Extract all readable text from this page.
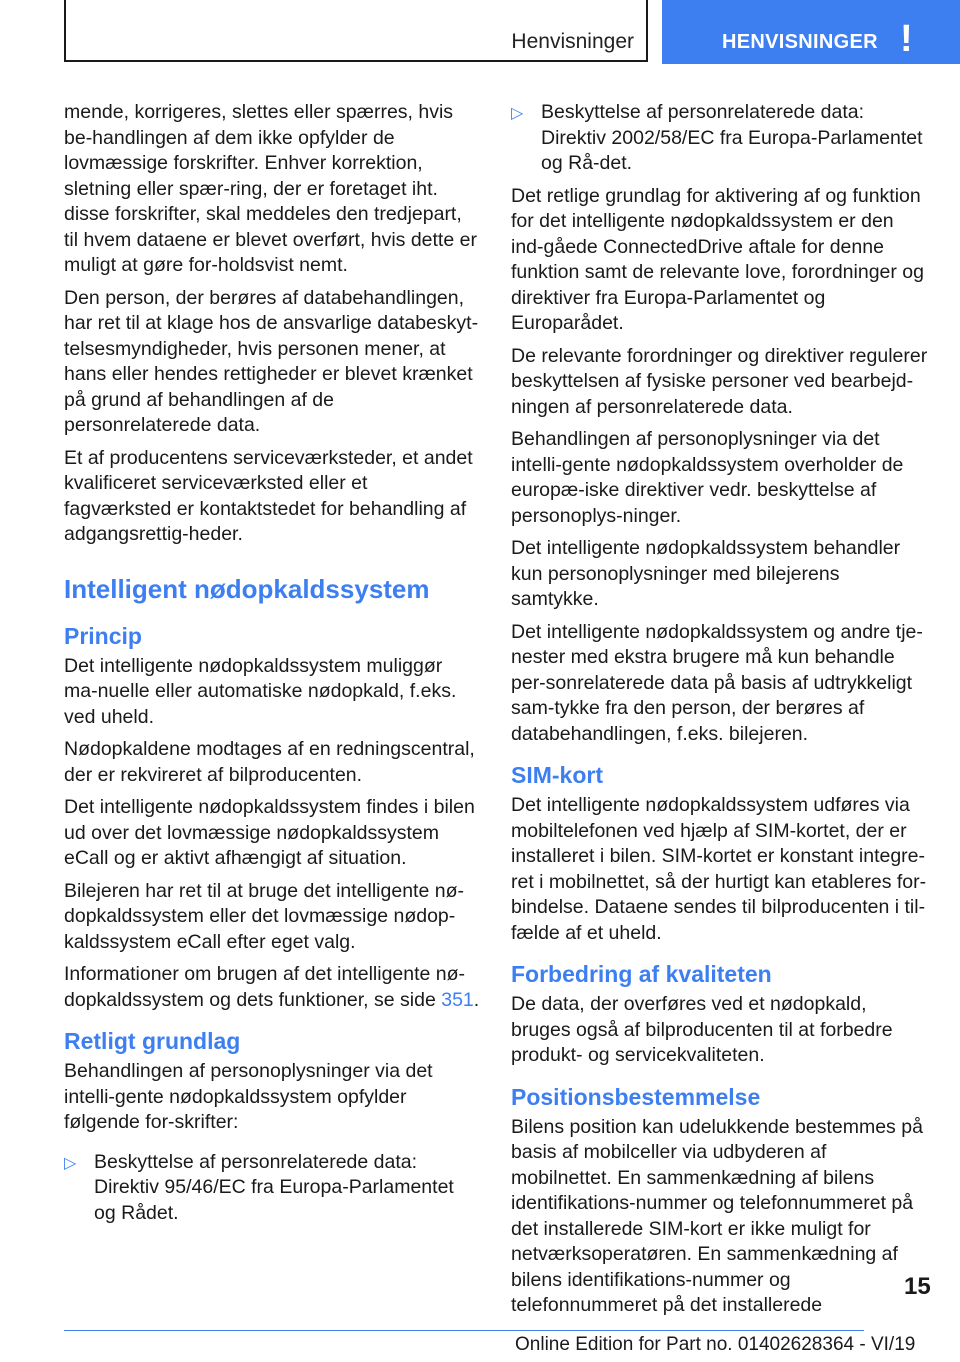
Henvisninger	HENVISNINGER !

mende, korrigeres, slettes eller spærres, hvis be-handlingen af dem ikke opfylder de lovmæssige forskrifter. Enhver korrektion, sletning eller spær-ring, der er foretaget iht. disse forskrifter, skal meddeles den tredjepart, til hvem dataene er blevet overført, hvis dette er muligt at gøre for-holdsvist nemt.

Den person, der berøres af databehandlingen, har ret til at klage hos de ansvarlige databeskyt-telsesmyndigheder, hvis personen mener, at hans eller hendes rettigheder er blevet krænket på grund af behandlingen af de personrelaterede data.

Et af producentens serviceværksteder, et andet kvalificeret serviceværksted eller et fagværksted er kontaktstedet for behandling af adgangsrettig-heder.

Intelligent nødopkaldssystem
Princip

Det intelligente nødopkaldssystem muliggør ma-nuelle eller automatiske nødopkald, f.eks. ved uheld.

Nødopkaldene modtages af en redningscentral, der er rekvireret af bilproducenten.

Det intelligente nødopkaldssystem findes i bilen ud over det lovmæssige nødopkaldssystem eCall og er aktivt afhængigt af situation.

Bilejeren har ret til at bruge det intelligente nø-dopkaldssystem eller det lovmæssige nødop-kaldssystem eCall efter eget valg.

Informationer om brugen af det intelligente nø-dopkaldssystem og dets funktioner, se side 351.

Retligt grundlag

Behandlingen af personoplysninger via det intelli-gente nødopkaldssystem opfylder følgende for-skrifter:

▷ Beskyttelse af personrelaterede data: Direktiv 95/46/EC fra Europa-Parlamentet og Rådet.
▷ Beskyttelse af personrelaterede data: Direktiv 2002/58/EC fra Europa-Parlamentet og Rå-det.

Det retlige grundlag for aktivering af og funktion for det intelligente nødopkaldssystem er den ind-gåede ConnectedDrive aftale for denne funktion samt de relevante love, forordninger og direktiver fra Europa-Parlamentet og Europarådet.

De relevante forordninger og direktiver regulerer beskyttelsen af fysiske personer ved bearbejd-ningen af personrelaterede data.

Behandlingen af personoplysninger via det intelli-gente nødopkaldssystem overholder de europæ-iske direktiver vedr. beskyttelse af personoplys-ninger.

Det intelligente nødopkaldssystem behandler kun personoplysninger med bilejerens samtykke.

Det intelligente nødopkaldssystem og andre tje-nester med ekstra brugere må kun behandle per-sonrelaterede data på basis af udtrykkeligt sam-tykke fra den person, der berøres af databehandlingen, f.eks. bilejeren.

SIM-kort

Det intelligente nødopkaldssystem udføres via mobiltelefonen ved hjælp af SIM-kortet, der er installeret i bilen. SIM-kortet er konstant integre-ret i mobilnettet, så der hurtigt kan etableres for-bindelse. Dataene sendes til bilproducenten i til-fælde af et uheld.

Forbedring af kvaliteten

De data, der overføres ved et nødopkald, bruges også af bilproducenten til at forbedre produkt- og servicekvaliteten.

Positionsbestemmelse

Bilens position kan udelukkende bestemmes på basis af mobilceller via udbyderen af mobilnettet. En sammenkædning af bilens identifikations-nummer og telefonnummeret på det installerede SIM-kort er ikke muligt for netværksoperatøren. En sammenkædning af bilens identifikations-nummer og telefonnummeret på det installerede

15
Online Edition for Part no. 01402628364 - VI/19
